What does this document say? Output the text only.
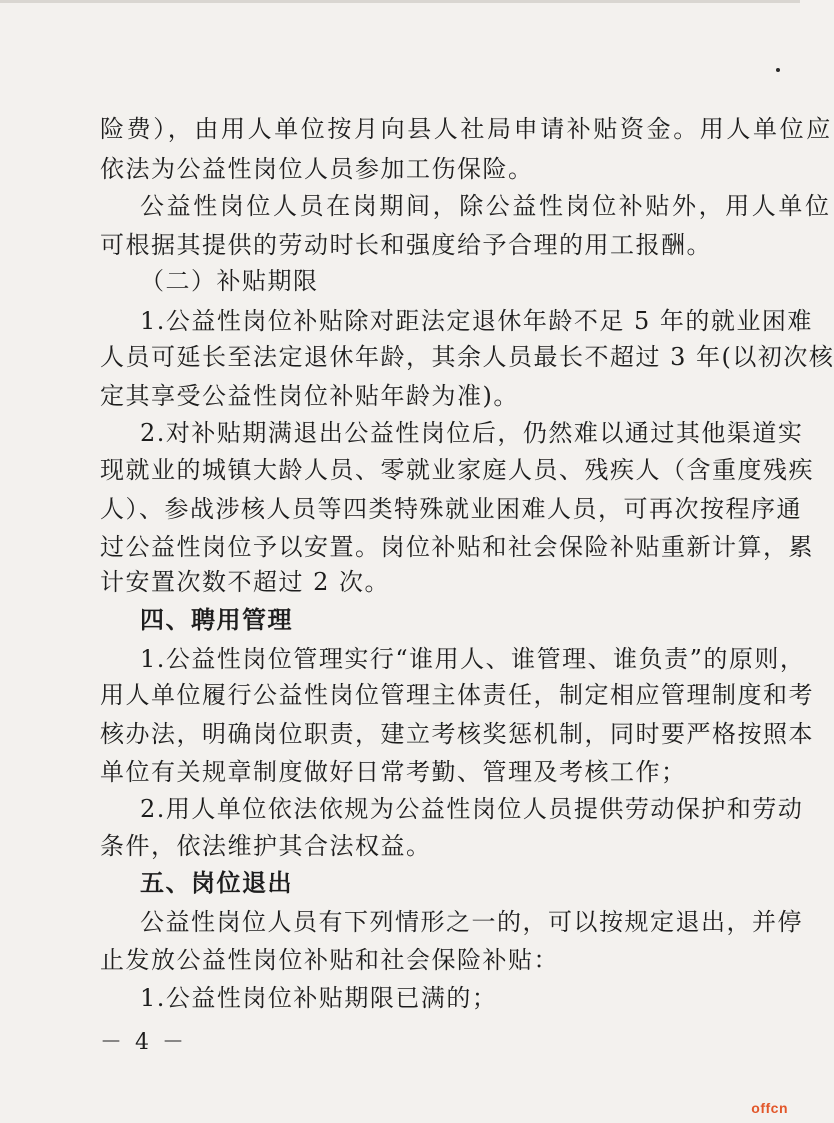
险费），由用人单位按月向县人社局申请补贴资金。用人单位应
依法为公益性岗位人员参加工伤保险。
公益性岗位人员在岗期间，除公益性岗位补贴外，用人单位
可根据其提供的劳动时长和强度给予合理的用工报酬。
（二）补贴期限
1.公益性岗位补贴除对距法定退休年龄不足 5 年的就业困难
人员可延长至法定退休年龄，其余人员最长不超过 3 年(以初次核
定其享受公益性岗位补贴年龄为准)。
2.对补贴期满退出公益性岗位后，仍然难以通过其他渠道实
现就业的城镇大龄人员、零就业家庭人员、残疾人（含重度残疾
人）、参战涉核人员等四类特殊就业困难人员，可再次按程序通
过公益性岗位予以安置。岗位补贴和社会保险补贴重新计算，累
计安置次数不超过 2 次。
四、聘用管理
1.公益性岗位管理实行“谁用人、谁管理、谁负责”的原则，
用人单位履行公益性岗位管理主体责任，制定相应管理制度和考
核办法，明确岗位职责，建立考核奖惩机制，同时要严格按照本
单位有关规章制度做好日常考勤、管理及考核工作；
2.用人单位依法依规为公益性岗位人员提供劳动保护和劳动
条件，依法维护其合法权益。
五、岗位退出
公益性岗位人员有下列情形之一的，可以按规定退出，并停
止发放公益性岗位补贴和社会保险补贴：
1.公益性岗位补贴期限已满的；
－ 4 －
offcn
